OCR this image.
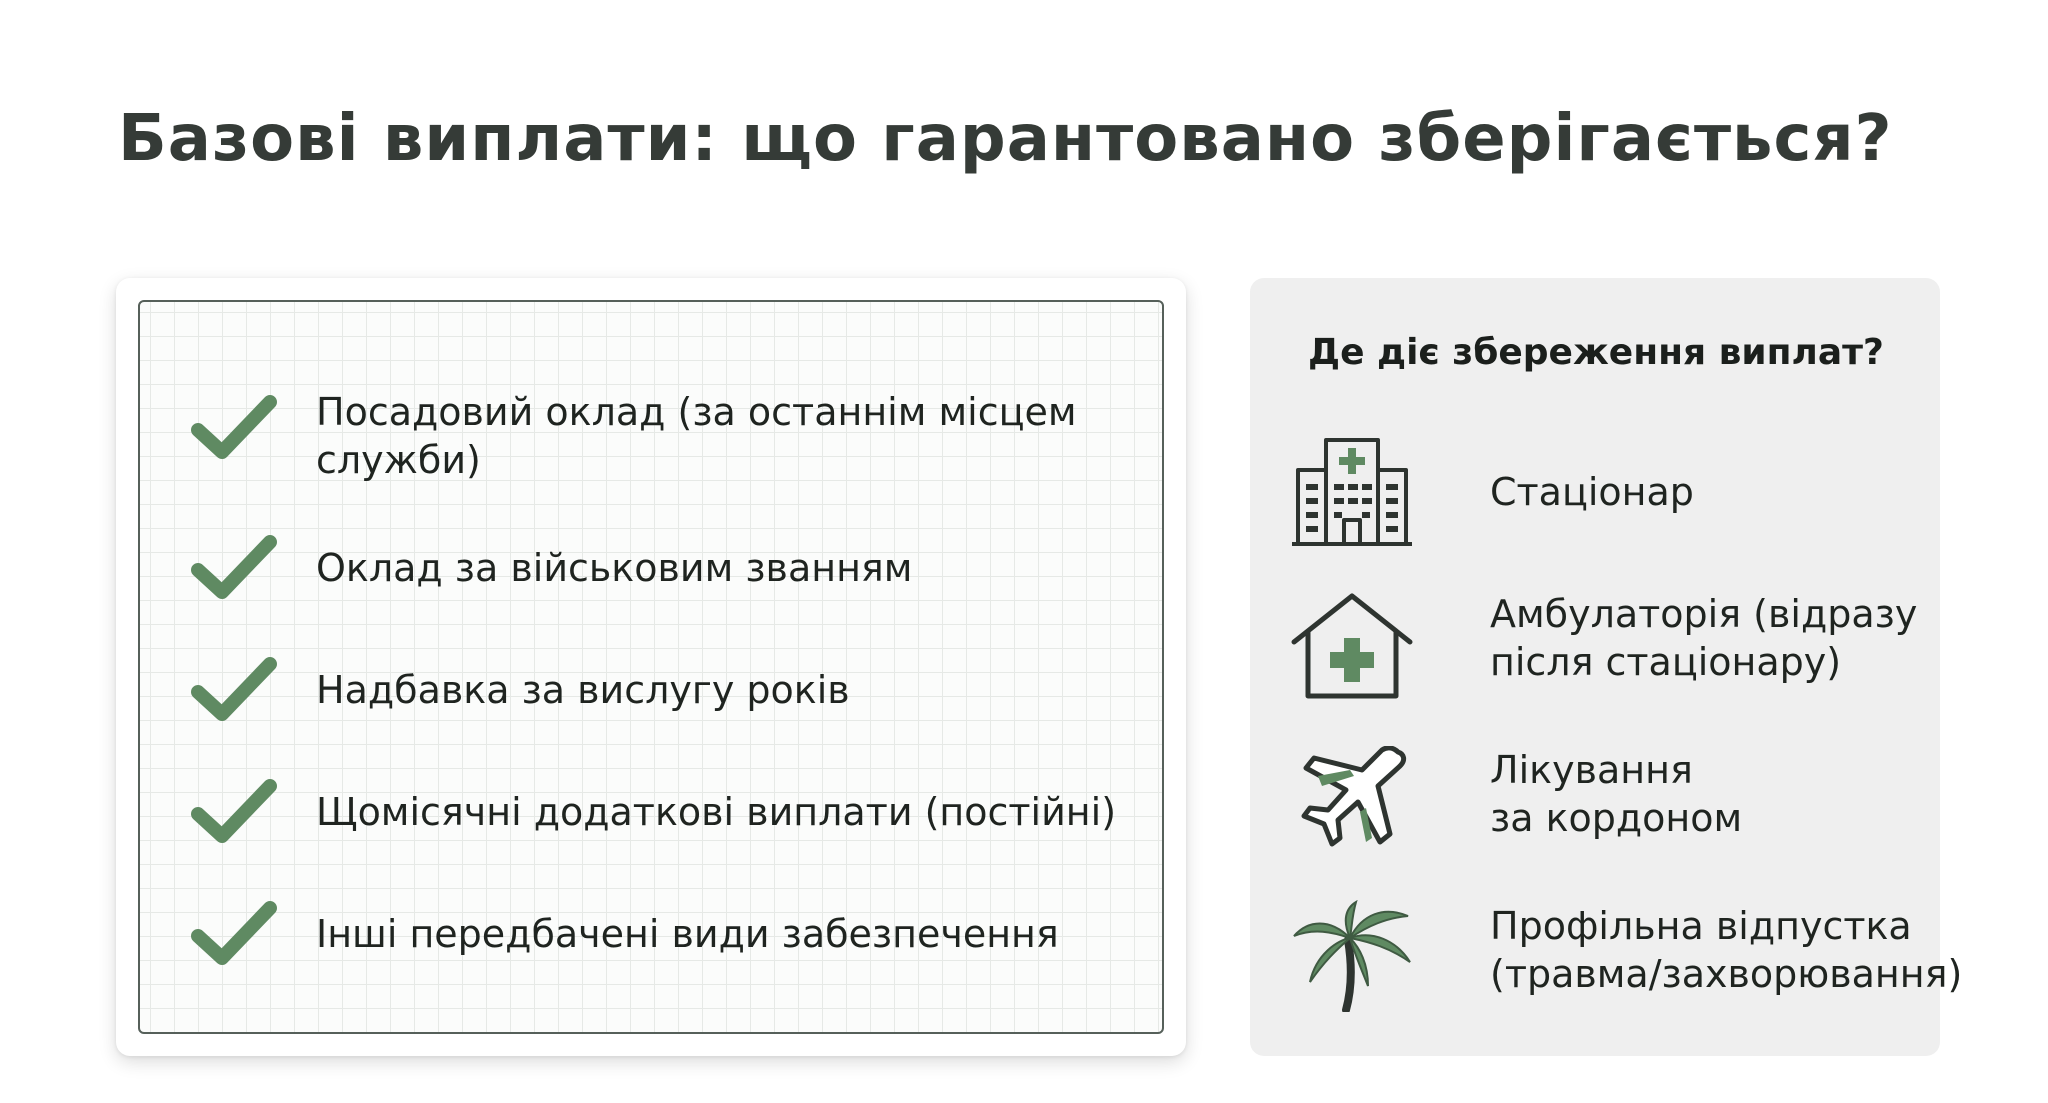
Базові виплати: що гарантовано зберігається?
Посадовий оклад (за останнім місцем
служби)
Оклад за військовим званням
Надбавка за вислугу років
Щомісячні додаткові виплати (постійні)
Інші передбачені види забезпечення
Де діє збереження виплат?
Стаціонар
Амбулаторія (відразу
після стаціонару)
Лікування
за кордоном
Профільна відпустка
(травма/захворювання)
